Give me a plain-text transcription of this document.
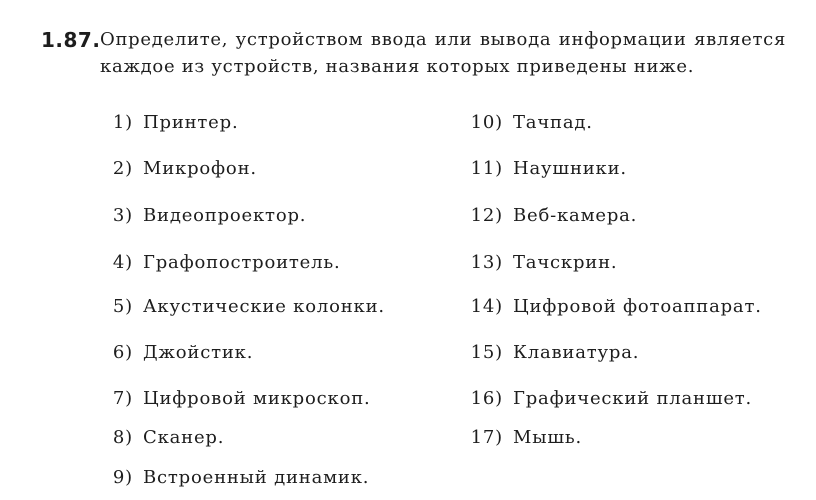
1.87. Определите, устройством ввода или вывода информации является каждое из устройств, названия которых приведены ниже.

1) Принтер.
2) Микрофон.
3) Видеопроектор.
4) Графопостроитель.
5) Акустические колонки.
6) Джойстик.
7) Цифровой микроскоп.
8) Сканер.
9) Встроенный динамик.
10) Тачпад.
11) Наушники.
12) Веб-камера.
13) Тачскрин.
14) Цифровой фотоаппарат.
15) Клавиатура.
16) Графический планшет.
17) Мышь.
